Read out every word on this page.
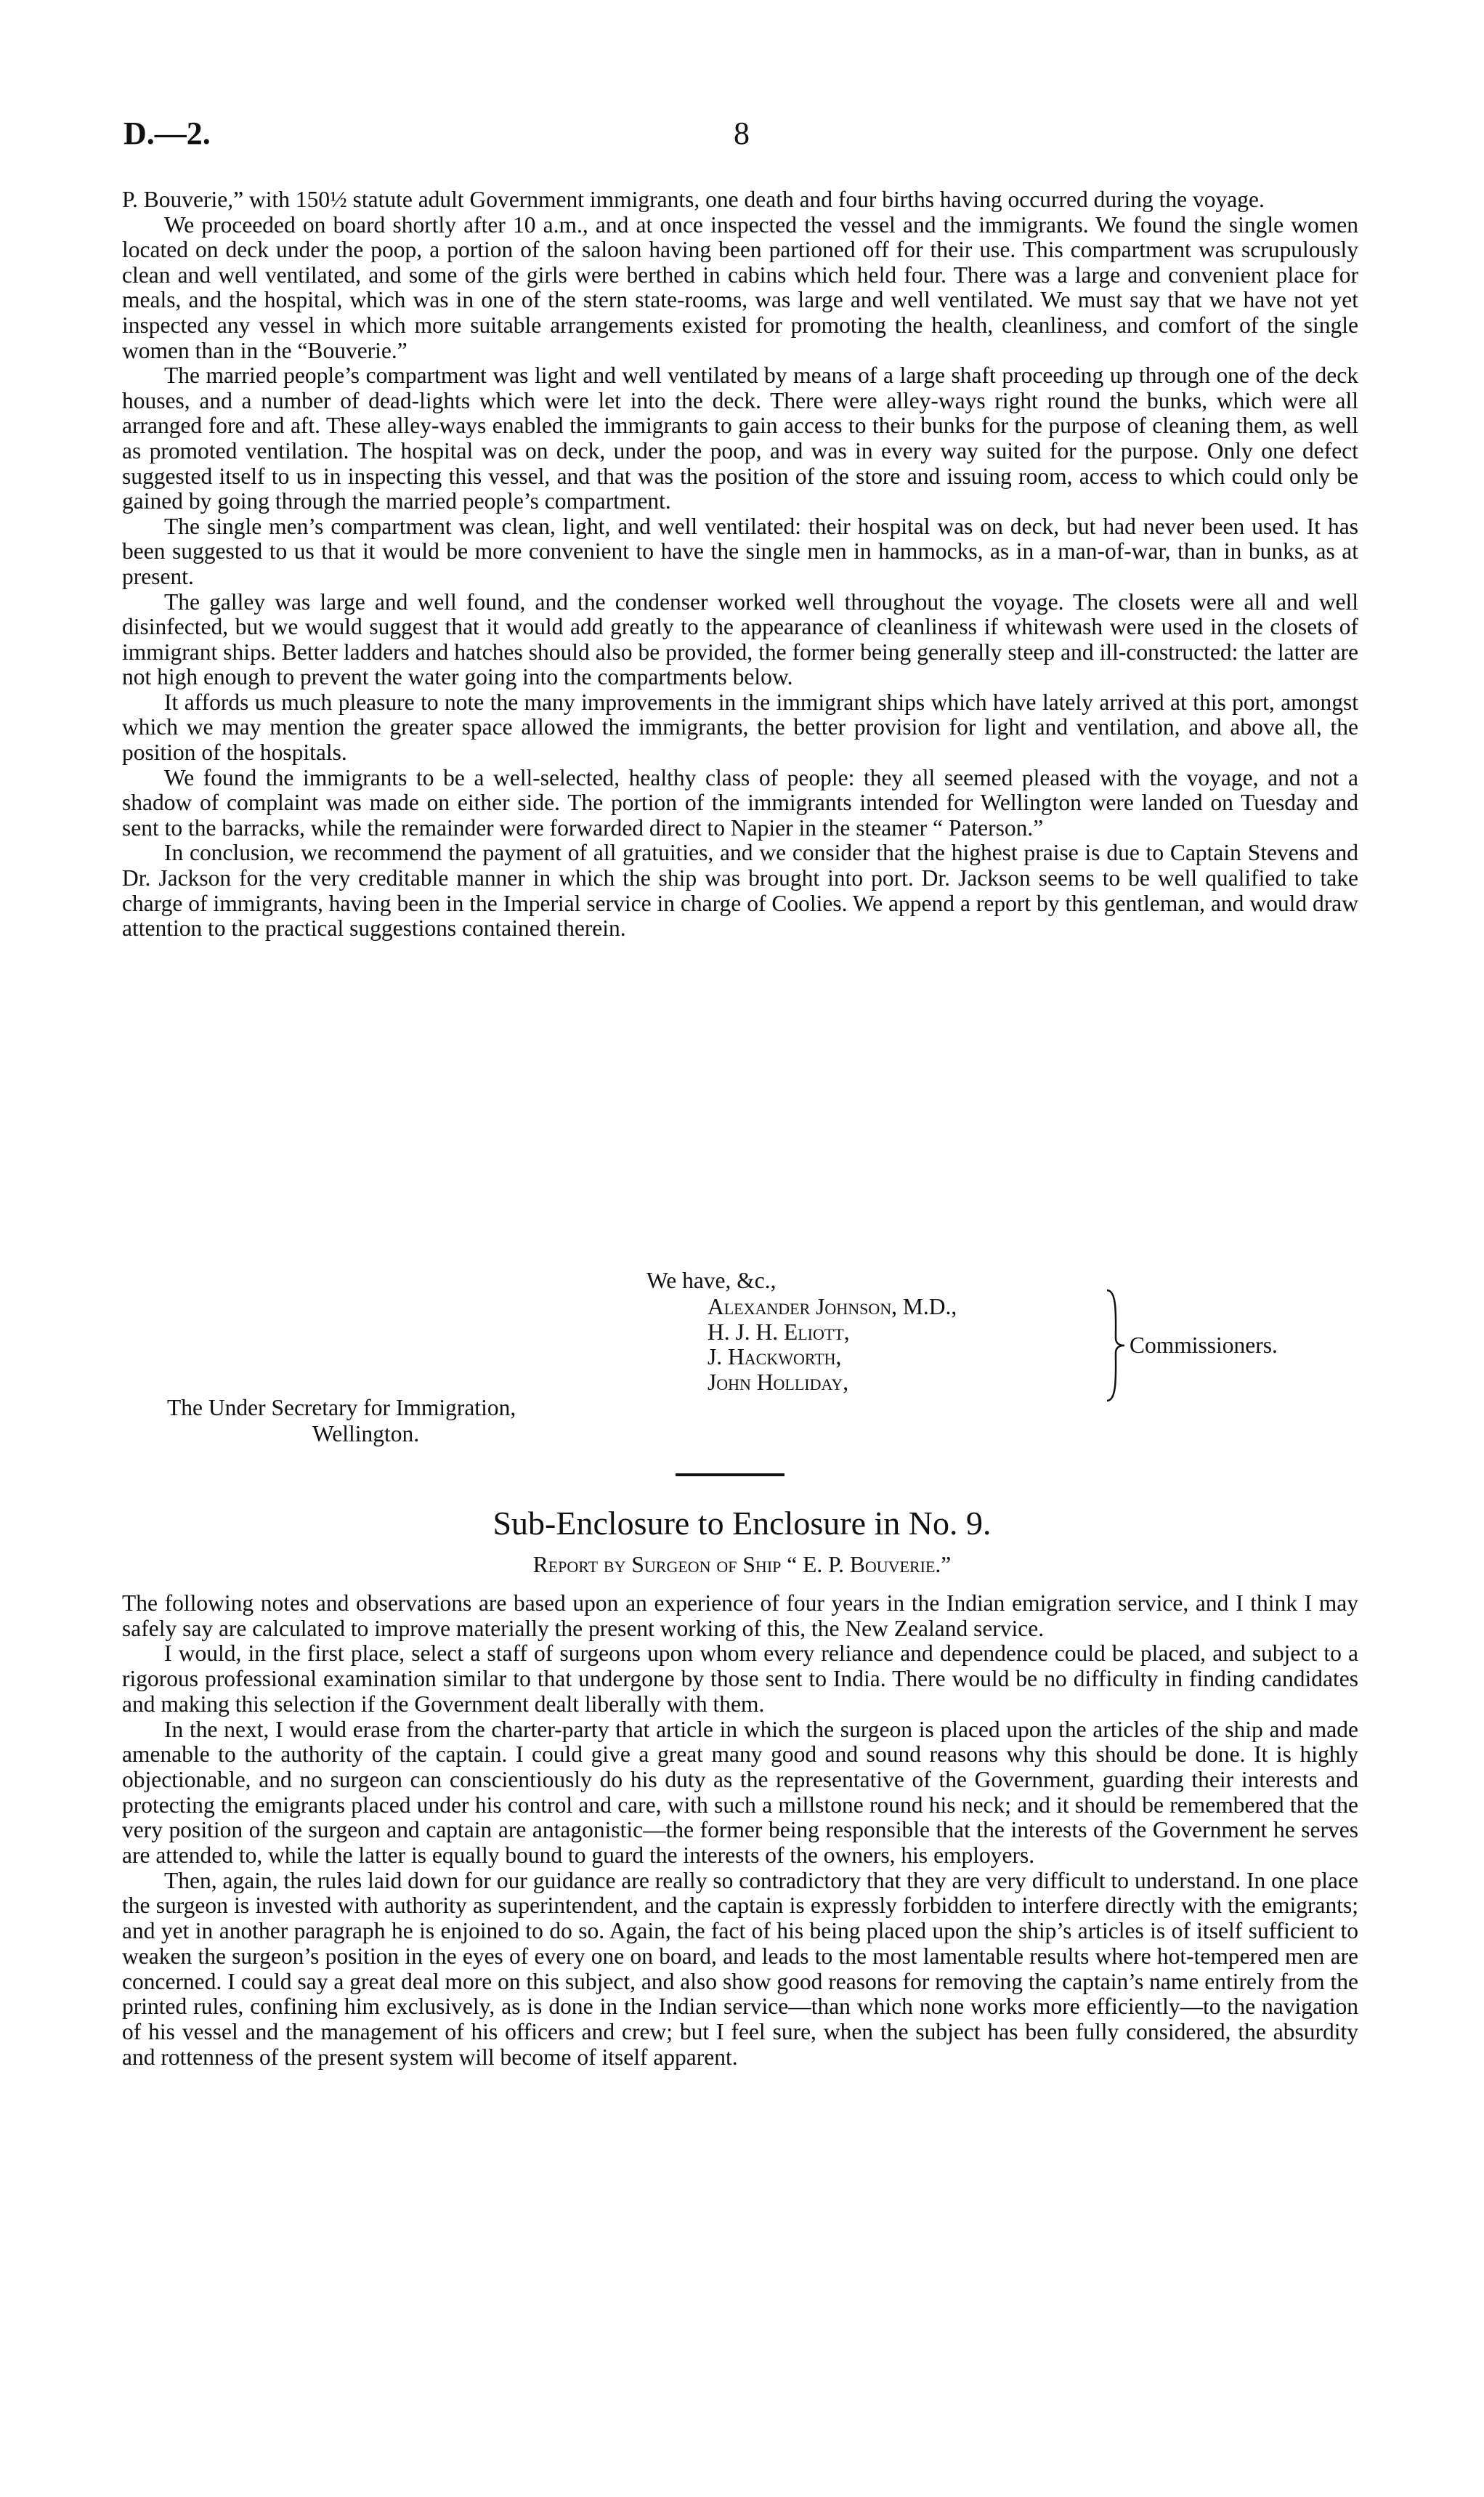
D.—2.	8

P. Bouverie,” with 150½ statute adult Government immigrants, one death and four births having occurred during the voyage.

We proceeded on board shortly after 10 a.m., and at once inspected the vessel and the immigrants. We found the single women located on deck under the poop, a portion of the saloon having been partioned off for their use. This compartment was scrupulously clean and well ventilated, and some of the girls were berthed in cabins which held four. There was a large and convenient place for meals, and the hospital, which was in one of the stern state-rooms, was large and well ventilated. We must say that we have not yet inspected any vessel in which more suitable arrangements existed for promoting the health, cleanliness, and comfort of the single women than in the “Bouverie.”

The married people’s compartment was light and well ventilated by means of a large shaft proceeding up through one of the deck houses, and a number of dead-lights which were let into the deck. There were alley-ways right round the bunks, which were all arranged fore and aft. These alley-ways enabled the immigrants to gain access to their bunks for the purpose of cleaning them, as well as promoted ventilation. The hospital was on deck, under the poop, and was in every way suited for the purpose. Only one defect suggested itself to us in inspecting this vessel, and that was the position of the store and issuing room, access to which could only be gained by going through the married people’s compartment.

The single men’s compartment was clean, light, and well ventilated: their hospital was on deck, but had never been used. It has been suggested to us that it would be more convenient to have the single men in hammocks, as in a man-of-war, than in bunks, as at present.

The galley was large and well found, and the condenser worked well throughout the voyage. The closets were all and well disinfected, but we would suggest that it would add greatly to the appearance of cleanliness if whitewash were used in the closets of immigrant ships. Better ladders and hatches should also be provided, the former being generally steep and ill-constructed: the latter are not high enough to prevent the water going into the compartments below.

It affords us much pleasure to note the many improvements in the immigrant ships which have lately arrived at this port, amongst which we may mention the greater space allowed the immigrants, the better provision for light and ventilation, and above all, the position of the hospitals.

We found the immigrants to be a well-selected, healthy class of people: they all seemed pleased with the voyage, and not a shadow of complaint was made on either side. The portion of the immigrants intended for Wellington were landed on Tuesday and sent to the barracks, while the remainder were forwarded direct to Napier in the steamer “ Paterson.”

In conclusion, we recommend the payment of all gratuities, and we consider that the highest praise is due to Captain Stevens and Dr. Jackson for the very creditable manner in which the ship was brought into port. Dr. Jackson seems to be well qualified to take charge of immigrants, having been in the Imperial service in charge of Coolies. We append a report by this gentleman, and would draw attention to the practical suggestions contained therein.

We have, &c.,
Alexander Johnson, M.D.,
H. J. H. Eliott,
J. Hackworth,
John Holliday,
Commissioners.
The Under Secretary for Immigration,
Wellington.
Sub-Enclosure to Enclosure in No. 9.
Report by Surgeon of Ship “ E. P. Bouverie.”

The following notes and observations are based upon an experience of four years in the Indian emigration service, and I think I may safely say are calculated to improve materially the present working of this, the New Zealand service.

I would, in the first place, select a staff of surgeons upon whom every reliance and dependence could be placed, and subject to a rigorous professional examination similar to that undergone by those sent to India. There would be no difficulty in finding candidates and making this selection if the Government dealt liberally with them.

In the next, I would erase from the charter-party that article in which the surgeon is placed upon the articles of the ship and made amenable to the authority of the captain. I could give a great many good and sound reasons why this should be done. It is highly objectionable, and no surgeon can conscientiously do his duty as the representative of the Government, guarding their interests and protecting the emigrants placed under his control and care, with such a millstone round his neck; and it should be remembered that the very position of the surgeon and captain are antagonistic—the former being responsible that the interests of the Government he serves are attended to, while the latter is equally bound to guard the interests of the owners, his employers.

Then, again, the rules laid down for our guidance are really so contradictory that they are very difficult to understand. In one place the surgeon is invested with authority as superintendent, and the captain is expressly forbidden to interfere directly with the emigrants; and yet in another paragraph he is enjoined to do so. Again, the fact of his being placed upon the ship’s articles is of itself sufficient to weaken the surgeon’s position in the eyes of every one on board, and leads to the most lamentable results where hot-tempered men are concerned. I could say a great deal more on this subject, and also show good reasons for removing the captain’s name entirely from the printed rules, confining him exclusively, as is done in the Indian service—than which none works more efficiently—to the navigation of his vessel and the management of his officers and crew; but I feel sure, when the subject has been fully considered, the absurdity and rottenness of the present system will become of itself apparent.
